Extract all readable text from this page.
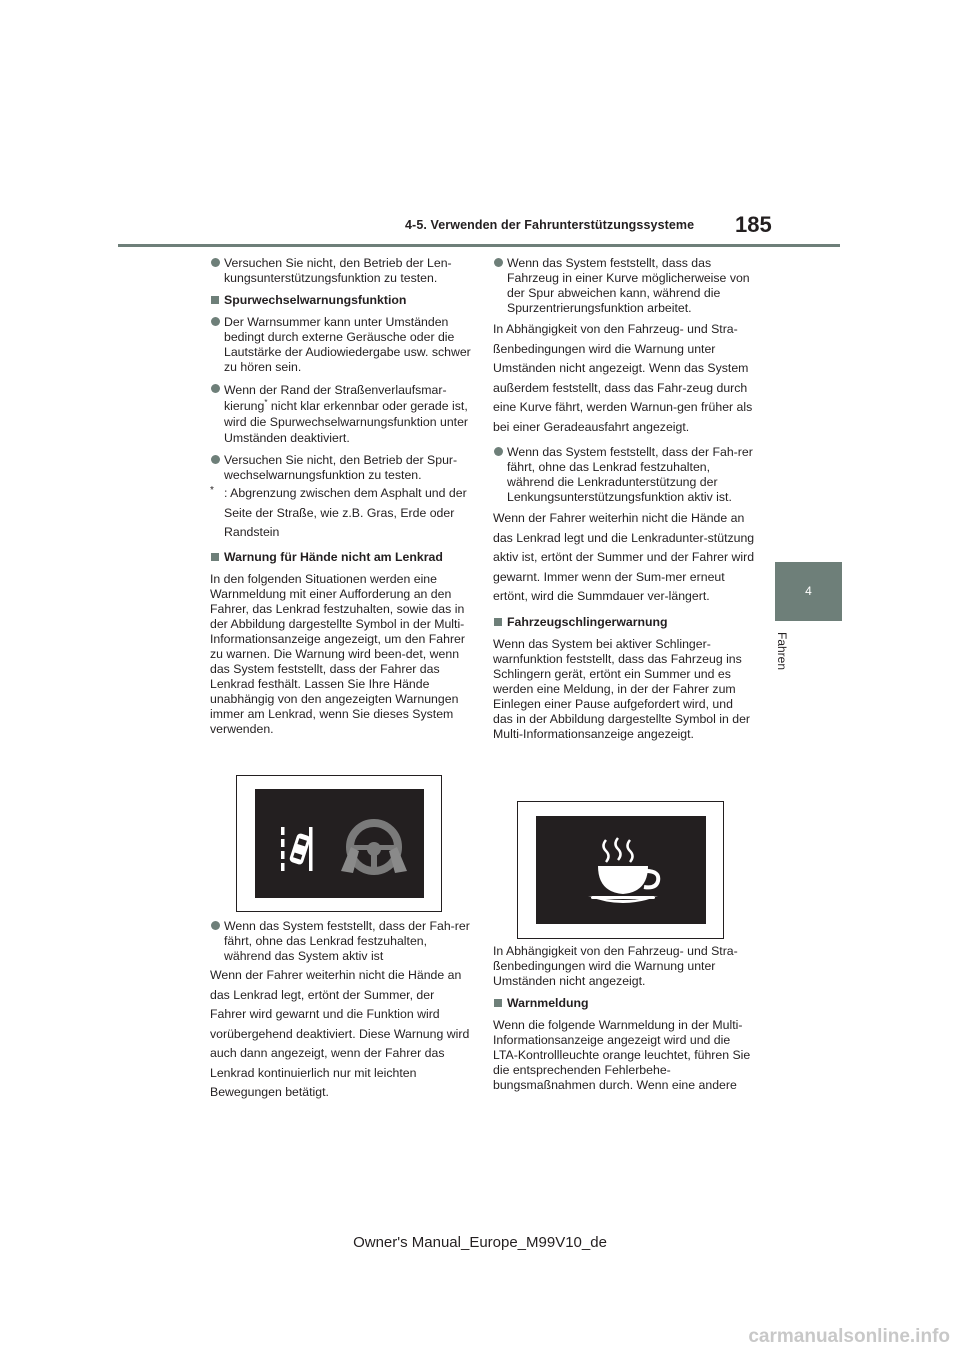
4-5. Verwenden der Fahrunterstützungssysteme	185
4
Fahren
Versuchen Sie nicht, den Betrieb der Len-kungsunterstützungsfunktion zu testen.
Spurwechselwarnungsfunktion
Der Warnsummer kann unter Umständen bedingt durch externe Geräusche oder die Lautstärke der Audiowiedergabe usw. schwer zu hören sein.
Wenn der Rand der Straßenverlaufsmar-kierung* nicht klar erkennbar oder gerade ist, wird die Spurwechselwarnungsfunktion unter Umständen deaktiviert.
Versuchen Sie nicht, den Betrieb der Spur-wechselwarnungsfunktion zu testen.
* : Abgrenzung zwischen dem Asphalt und der Seite der Straße, wie z.B. Gras, Erde oder Randstein
Warnung für Hände nicht am Lenkrad
In den folgenden Situationen werden eine Warnmeldung mit einer Aufforderung an den Fahrer, das Lenkrad festzuhalten, sowie das in der Abbildung dargestellte Symbol in der Multi-Informationsanzeige angezeigt, um den Fahrer zu warnen. Die Warnung wird been-det, wenn das System feststellt, dass der Fahrer das Lenkrad festhält. Lassen Sie Ihre Hände unabhängig von den angezeigten Warnungen immer am Lenkrad, wenn Sie dieses System verwenden.
Wenn das System feststellt, dass der Fah-rer fährt, ohne das Lenkrad festzuhalten, während das System aktiv ist
Wenn der Fahrer weiterhin nicht die Hände an das Lenkrad legt, ertönt der Summer, der Fahrer wird gewarnt und die Funktion wird vorübergehend deaktiviert. Diese Warnung wird auch dann angezeigt, wenn der Fahrer das Lenkrad kontinuierlich nur mit leichten Bewegungen betätigt.
Wenn das System feststellt, dass das Fahrzeug in einer Kurve möglicherweise von der Spur abweichen kann, während die Spurzentrierungsfunktion arbeitet.
In Abhängigkeit von den Fahrzeug- und Stra-ßenbedingungen wird die Warnung unter Umständen nicht angezeigt. Wenn das System außerdem feststellt, dass das Fahr-zeug durch eine Kurve fährt, werden Warnun-gen früher als bei einer Geradeausfahrt angezeigt.
Wenn das System feststellt, dass der Fah-rer fährt, ohne das Lenkrad festzuhalten, während die Lenkradunterstützung der Lenkungsunterstützungsfunktion aktiv ist.
Wenn der Fahrer weiterhin nicht die Hände an das Lenkrad legt und die Lenkradunter-stützung aktiv ist, ertönt der Summer und der Fahrer wird gewarnt. Immer wenn der Sum-mer erneut ertönt, wird die Summdauer ver-längert.
Fahrzeugschlingerwarnung
Wenn das System bei aktiver Schlinger-warnfunktion feststellt, dass das Fahrzeug ins Schlingern gerät, ertönt ein Summer und es werden eine Meldung, in der der Fahrer zum Einlegen einer Pause aufgefordert wird, und das in der Abbildung dargestellte Symbol in der Multi-Informationsanzeige angezeigt.
In Abhängigkeit von den Fahrzeug- und Stra-ßenbedingungen wird die Warnung unter Umständen nicht angezeigt.
Warnmeldung
Wenn die folgende Warnmeldung in der Multi-Informationsanzeige angezeigt wird und die LTA-Kontrollleuchte orange leuchtet, führen Sie die entsprechenden Fehlerbehe-bungsmaßnahmen durch. Wenn eine andere
Owner's Manual_Europe_M99V10_de
carmanualsonline.info
